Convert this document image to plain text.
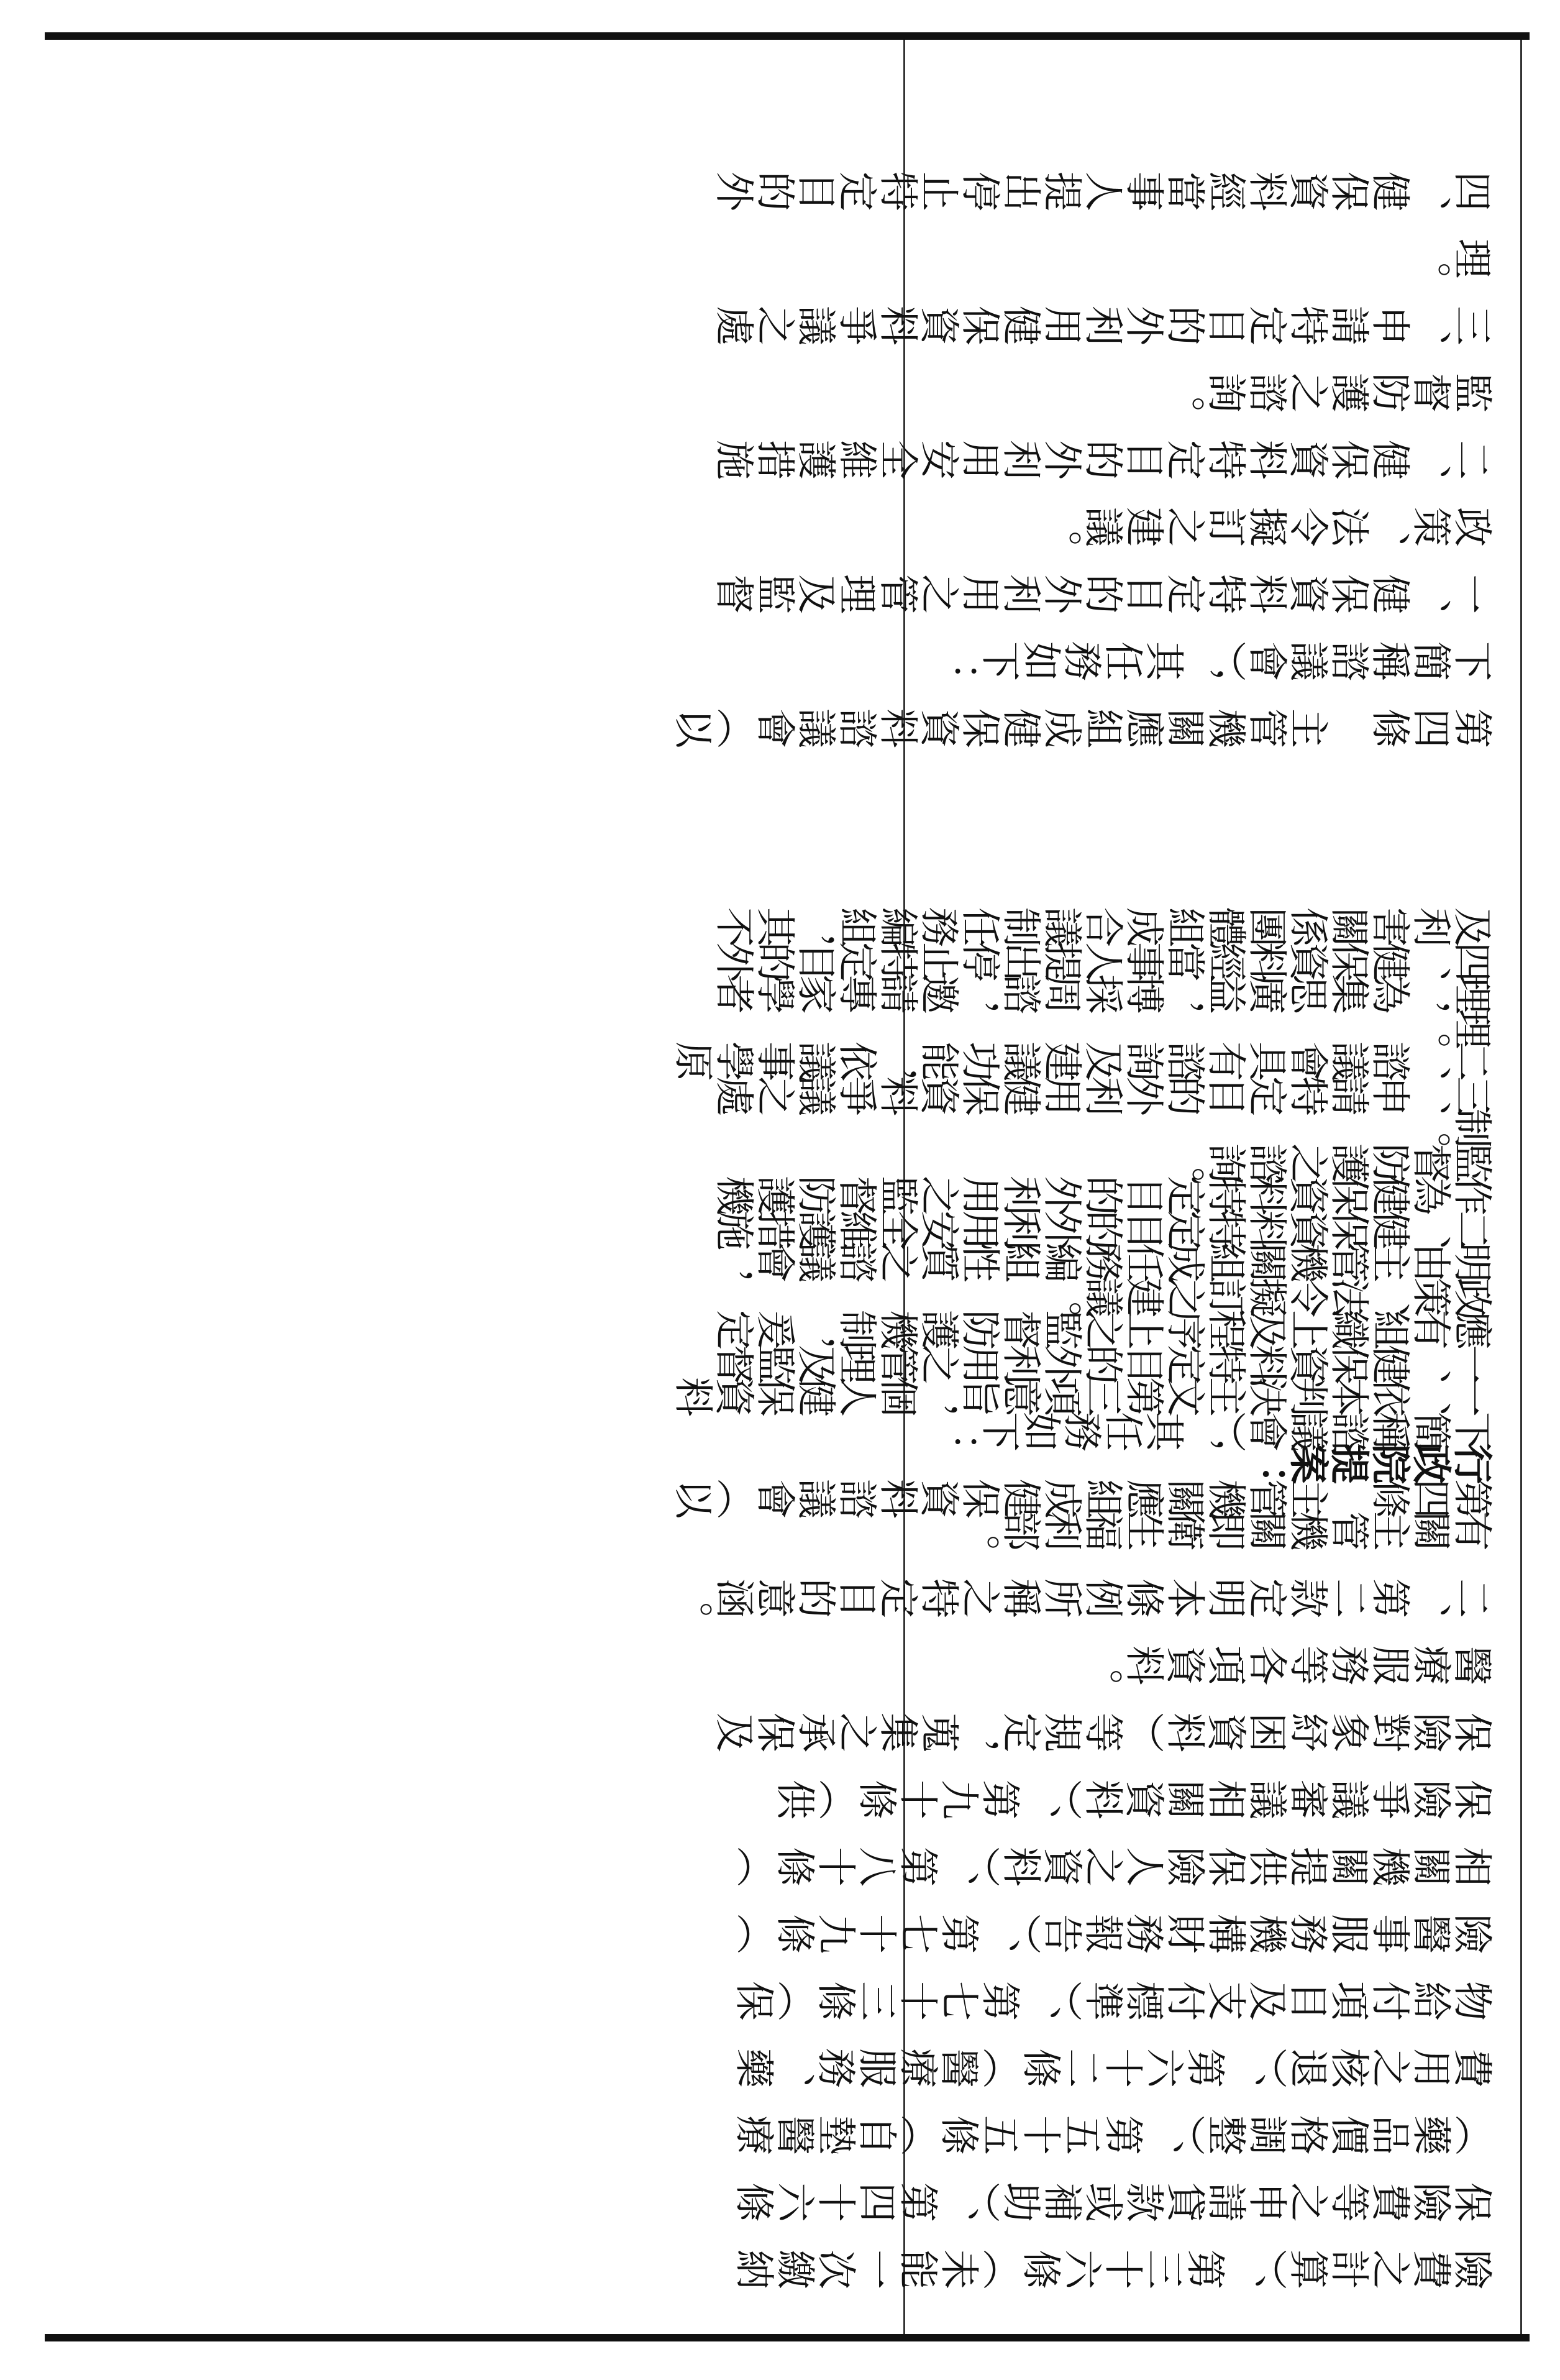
險費之計算）、第三十六條（未能一次繳納
保險費等之申請貸款或補助）、第四十六條
（藥品價格調整）、第五十五條（自墊醫療
費用之核退）、第六十二條（醫療服務、藥
物給付項目及支付標準）、第七十三條（保
險醫事服務機構財務報告）、第七十九條（
相關機關提供保險人之資料）、第八十條（
保險爭議審議相關資料）、第九十條（供
保險對象紓困資料）等規定，蒐集之承保及
醫療服務等各項資料。
二、第二款定明本條例所稱之特定目的意涵。
有關主管機關即衛生福利部。
行政院提案：
一、依本判決主文第三項意旨，個人健保資料
應有組織上及程序上之監督防護機制，爰定
明由主管機關組成任務編組性質之諮議會，
作為健保資料特定目的外利用之監督防護機
制。
二、諮議會具有諮詢及建議功能，依議事學原
理，為集思廣益，博採周諮，邀請專家學者
及利害關係團體組成合議制任務編組，其不
第四條　主管機關應組成健保資料諮議會（以
下簡稱諮議會），其任務如下：
一、健保資料特定目的外利用之管理及監督
政策、法令擬訂之建議。
二、健保資料特定目的外利用安全維護措施
監督防護之諮詢。
三、申請特定目的外利用健保資料爭議之處
理。
四、健保資料經當事人提出停止特定目的外
第四條　主管機關應組成健保資料諮議會（以
下簡稱諮議會），其任務如下：
一、健保資料特定目的外利用之管理及監督
政策、法令擬訂之建議。
二、健保資料特定目的外利用安全維護措施
監督防護之諮詢。
三、申請特定目的外利用健保資料爭議之處
理。
四、健保資料經當事人提出停止特定目的外
